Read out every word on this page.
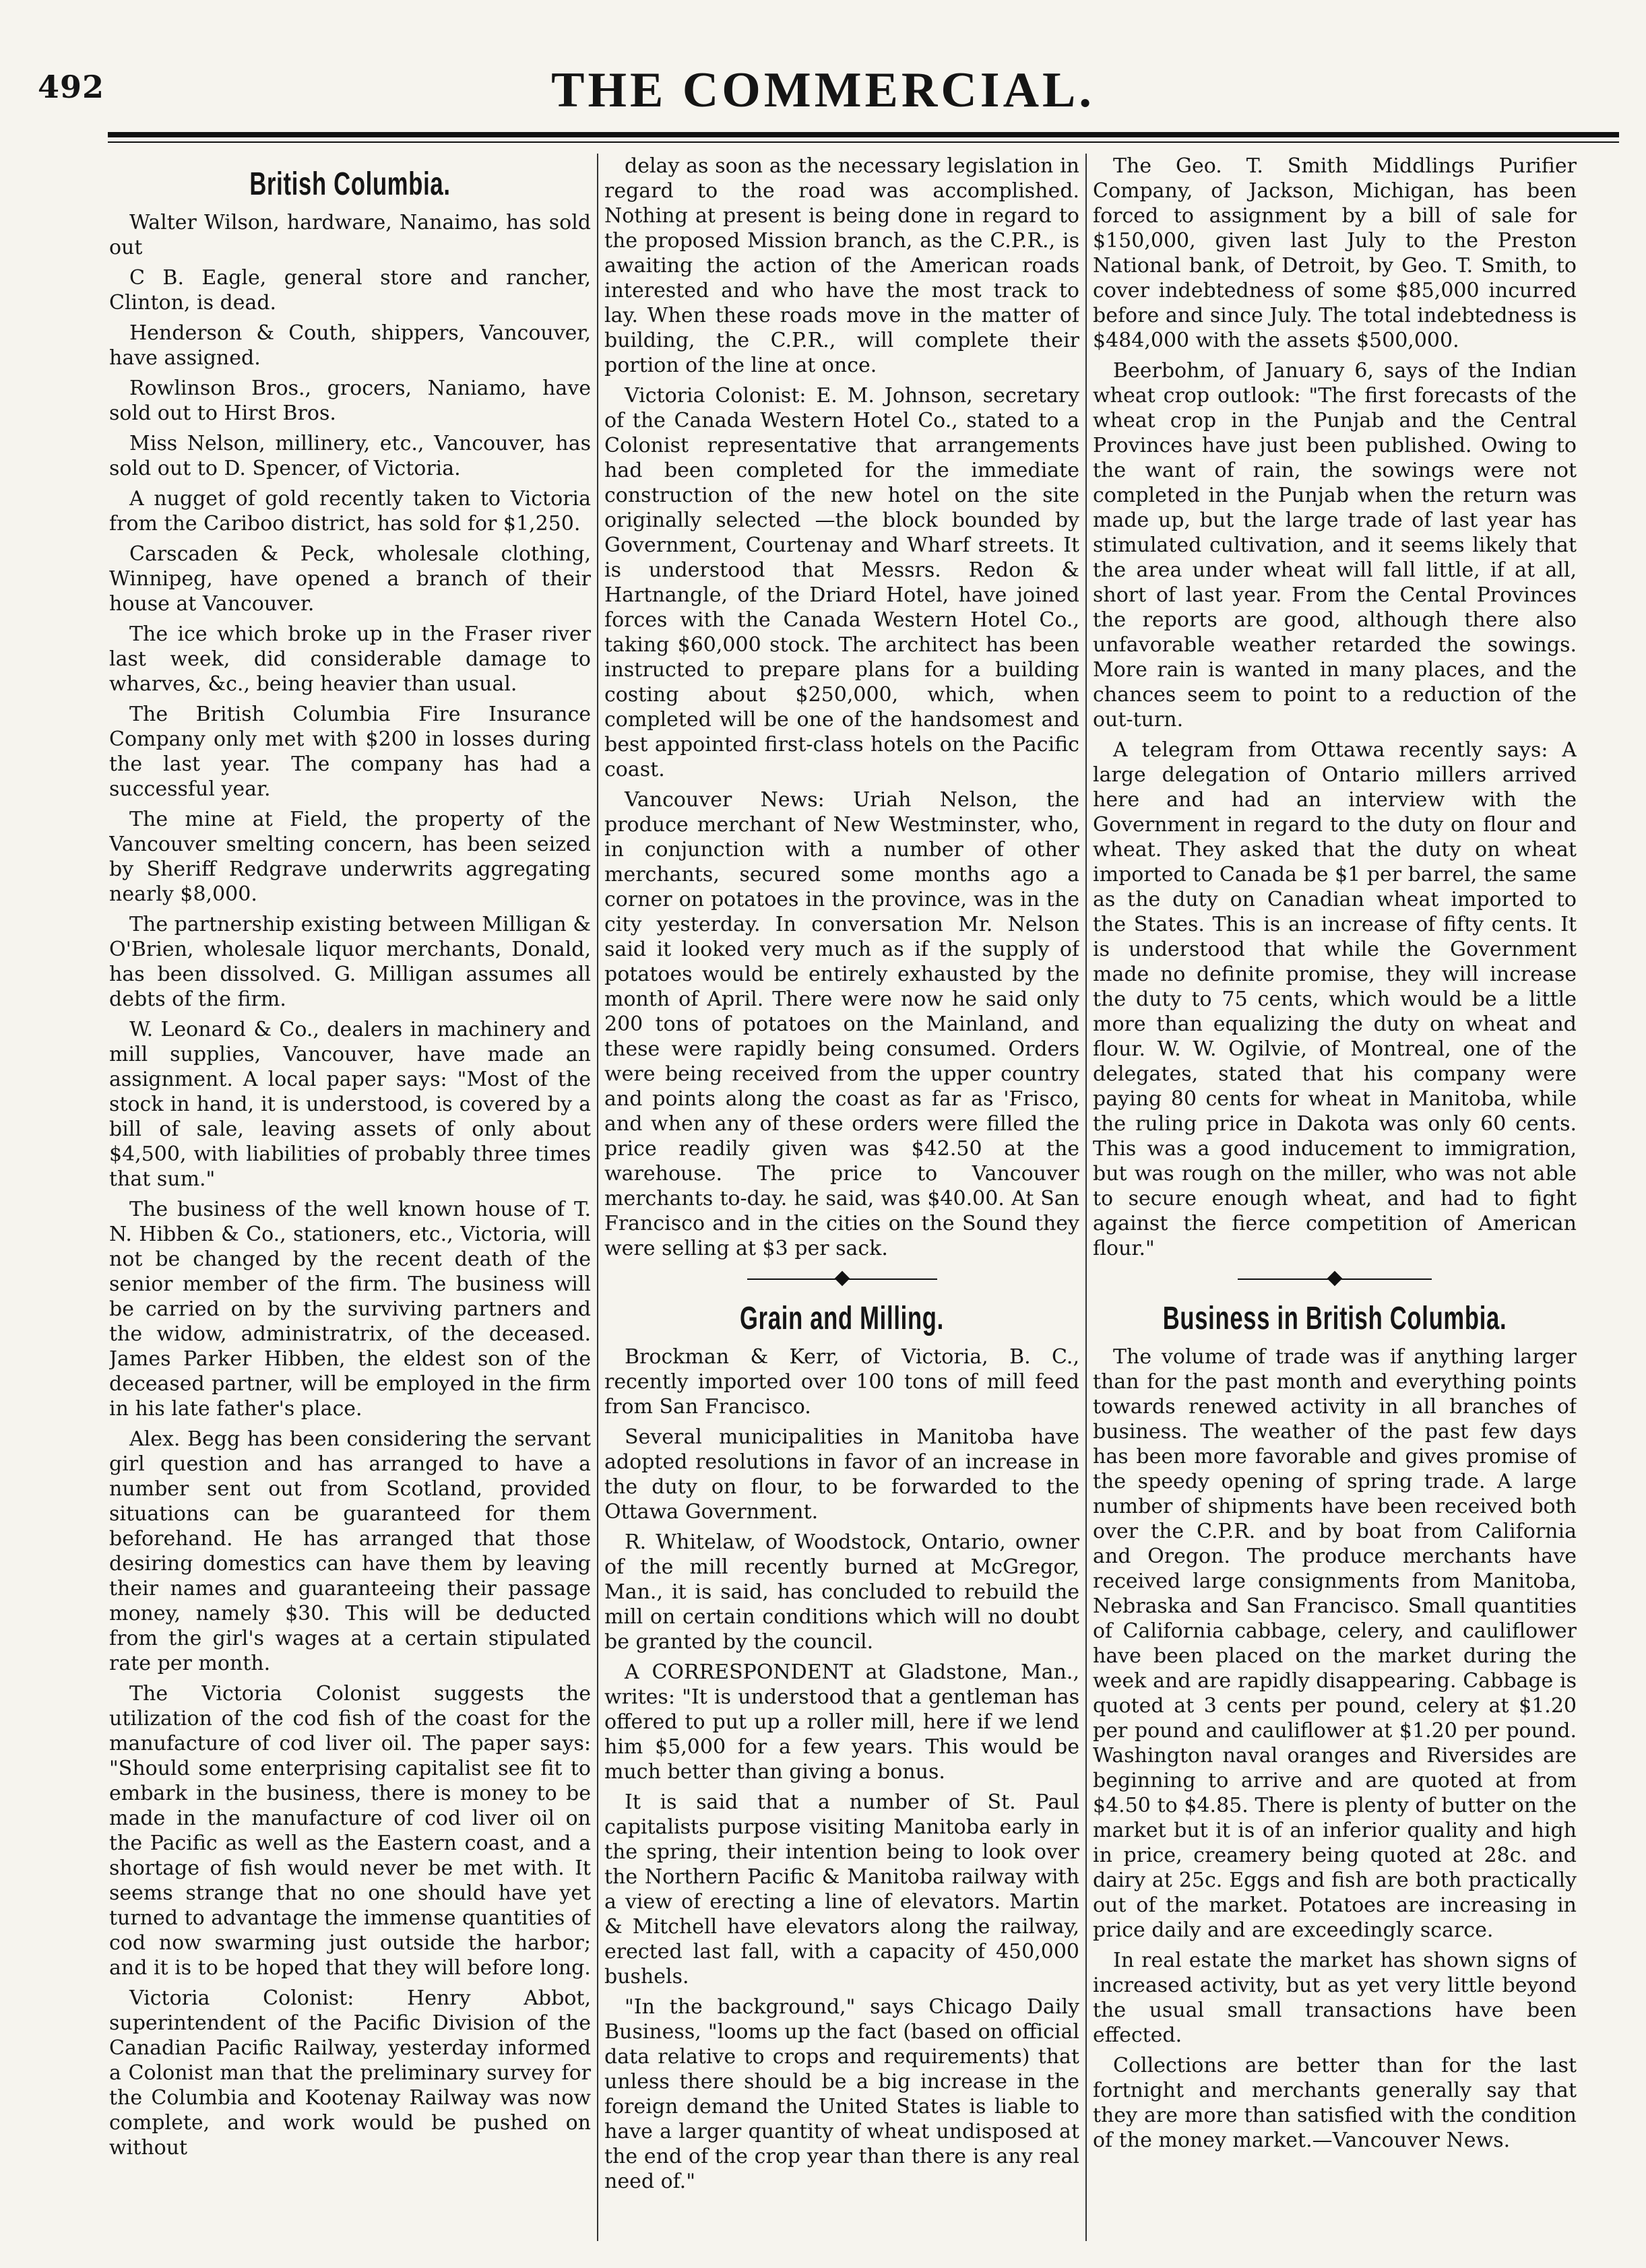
492	THE COMMERCIAL.
British Columbia.

Walter Wilson, hardware, Nanaimo, has sold out

C B. Eagle, general store and rancher, Clinton, is dead.

Henderson & Couth, shippers, Vancouver, have assigned.

Rowlinson Bros., grocers, Naniamo, have sold out to Hirst Bros.

Miss Nelson, millinery, etc., Vancouver, has sold out to D. Spencer, of Victoria.

A nugget of gold recently taken to Victoria from the Cariboo district, has sold for $1,250.

Carscaden & Peck, wholesale clothing, Winnipeg, have opened a branch of their house at Vancouver.

The ice which broke up in the Fraser river last week, did considerable damage to wharves, &c., being heavier than usual.

The British Columbia Fire Insurance Company only met with $200 in losses during the last year. The company has had a successful year.

The mine at Field, the property of the Vancouver smelting concern, has been seized by Sheriff Redgrave underwrits aggregating nearly $8,000.

The partnership existing between Milligan & O'Brien, wholesale liquor merchants, Donald, has been dissolved. G. Milligan assumes all debts of the firm.

W. Leonard & Co., dealers in machinery and mill supplies, Vancouver, have made an assignment. A local paper says: "Most of the stock in hand, it is understood, is covered by a bill of sale, leaving assets of only about $4,500, with liabilities of probably three times that sum."

The business of the well known house of T. N. Hibben & Co., stationers, etc., Victoria, will not be changed by the recent death of the senior member of the firm. The business will be carried on by the surviving partners and the widow, administratrix, of the deceased. James Parker Hibben, the eldest son of the deceased partner, will be employed in the firm in his late father's place.

Alex. Begg has been considering the servant girl question and has arranged to have a number sent out from Scotland, provided situations can be guaranteed for them beforehand. He has arranged that those desiring domestics can have them by leaving their names and guaranteeing their passage money, namely $30. This will be deducted from the girl's wages at a certain stipulated rate per month.

The Victoria Colonist suggests the utilization of the cod fish of the coast for the manufacture of cod liver oil. The paper says: "Should some enterprising capitalist see fit to embark in the business, there is money to be made in the manufacture of cod liver oil on the Pacific as well as the Eastern coast, and a shortage of fish would never be met with. It seems strange that no one should have yet turned to advantage the immense quantities of cod now swarming just outside the harbor; and it is to be hoped that they will before long.

Victoria Colonist: Henry Abbot, superintendent of the Pacific Division of the Canadian Pacific Railway, yesterday informed a Colonist man that the preliminary survey for the Columbia and Kootenay Railway was now complete, and work would be pushed on without

delay as soon as the necessary legislation in regard to the road was accomplished. Nothing at present is being done in regard to the proposed Mission branch, as the C.P.R., is awaiting the action of the American roads interested and who have the most track to lay. When these roads move in the matter of building, the C.P.R., will complete their portion of the line at once.

Victoria Colonist: E. M. Johnson, secretary of the Canada Western Hotel Co., stated to a Colonist representative that arrangements had been completed for the immediate construction of the new hotel on the site originally selected —the block bounded by Government, Courtenay and Wharf streets. It is understood that Messrs. Redon & Hartnangle, of the Driard Hotel, have joined forces with the Canada Western Hotel Co., taking $60,000 stock. The architect has been instructed to prepare plans for a building costing about $250,000, which, when completed will be one of the handsomest and best appointed first-class hotels on the Pacific coast.

Vancouver News: Uriah Nelson, the produce merchant of New Westminster, who, in conjunction with a number of other merchants, secured some months ago a corner on potatoes in the province, was in the city yesterday. In conversation Mr. Nelson said it looked very much as if the supply of potatoes would be entirely exhausted by the month of April. There were now he said only 200 tons of potatoes on the Mainland, and these were rapidly being consumed. Orders were being received from the upper country and points along the coast as far as 'Frisco, and when any of these orders were filled the price readily given was $42.50 at the warehouse. The price to Vancouver merchants to-day. he said, was $40.00. At San Francisco and in the cities on the Sound they were selling at $3 per sack.

Grain and Milling.

Brockman & Kerr, of Victoria, B. C., recently imported over 100 tons of mill feed from San Francisco.

Several municipalities in Manitoba have adopted resolutions in favor of an increase in the duty on flour, to be forwarded to the Ottawa Government.

R. Whitelaw, of Woodstock, Ontario, owner of the mill recently burned at McGregor, Man., it is said, has concluded to rebuild the mill on certain conditions which will no doubt be granted by the council.

A CORRESPONDENT at Gladstone, Man., writes: "It is understood that a gentleman has offered to put up a roller mill, here if we lend him $5,000 for a few years. This would be much better than giving a bonus.

It is said that a number of St. Paul capitalists purpose visiting Manitoba early in the spring, their intention being to look over the Northern Pacific & Manitoba railway with a view of erecting a line of elevators. Martin & Mitchell have elevators along the railway, erected last fall, with a capacity of 450,000 bushels.

"In the background," says Chicago Daily Business, "looms up the fact (based on official data relative to crops and requirements) that unless there should be a big increase in the foreign demand the United States is liable to have a larger quantity of wheat undisposed at the end of the crop year than there is any real need of."

The Geo. T. Smith Middlings Purifier Company, of Jackson, Michigan, has been forced to assignment by a bill of sale for $150,000, given last July to the Preston National bank, of Detroit, by Geo. T. Smith, to cover indebtedness of some $85,000 incurred before and since July. The total indebtedness is $484,000 with the assets $500,000.

Beerbohm, of January 6, says of the Indian wheat crop outlook: "The first forecasts of the wheat crop in the Punjab and the Central Provinces have just been published. Owing to the want of rain, the sowings were not completed in the Punjab when the return was made up, but the large trade of last year has stimulated cultivation, and it seems likely that the area under wheat will fall little, if at all, short of last year. From the Cental Provinces the reports are good, although there also unfavorable weather retarded the sowings. More rain is wanted in many places, and the chances seem to point to a reduction of the out-turn.

A telegram from Ottawa recently says: A large delegation of Ontario millers arrived here and had an interview with the Government in regard to the duty on flour and wheat. They asked that the duty on wheat imported to Canada be $1 per barrel, the same as the duty on Canadian wheat imported to the States. This is an increase of fifty cents. It is understood that while the Government made no definite promise, they will increase the duty to 75 cents, which would be a little more than equalizing the duty on wheat and flour. W. W. Ogilvie, of Montreal, one of the delegates, stated that his company were paying 80 cents for wheat in Manitoba, while the ruling price in Dakota was only 60 cents. This was a good inducement to immigration, but was rough on the miller, who was not able to secure enough wheat, and had to fight against the fierce competition of American flour."

Business in British Columbia.

The volume of trade was if anything larger than for the past month and everything points towards renewed activity in all branches of business. The weather of the past few days has been more favorable and gives promise of the speedy opening of spring trade. A large number of shipments have been received both over the C.P.R. and by boat from California and Oregon. The produce merchants have received large consignments from Manitoba, Nebraska and San Francisco. Small quantities of California cabbage, celery, and cauliflower have been placed on the market during the week and are rapidly disappearing. Cabbage is quoted at 3 cents per pound, celery at $1.20 per pound and cauliflower at $1.20 per pound. Washington naval oranges and Riversides are beginning to arrive and are quoted at from $4.50 to $4.85. There is plenty of butter on the market but it is of an inferior quality and high in price, creamery being quoted at 28c. and dairy at 25c. Eggs and fish are both practically out of the market. Potatoes are increasing in price daily and are exceedingly scarce.

In real estate the market has shown signs of increased activity, but as yet very little beyond the usual small transactions have been effected.

Collections are better than for the last fortnight and merchants generally say that they are more than satisfied with the condition of the money market.—Vancouver News.
